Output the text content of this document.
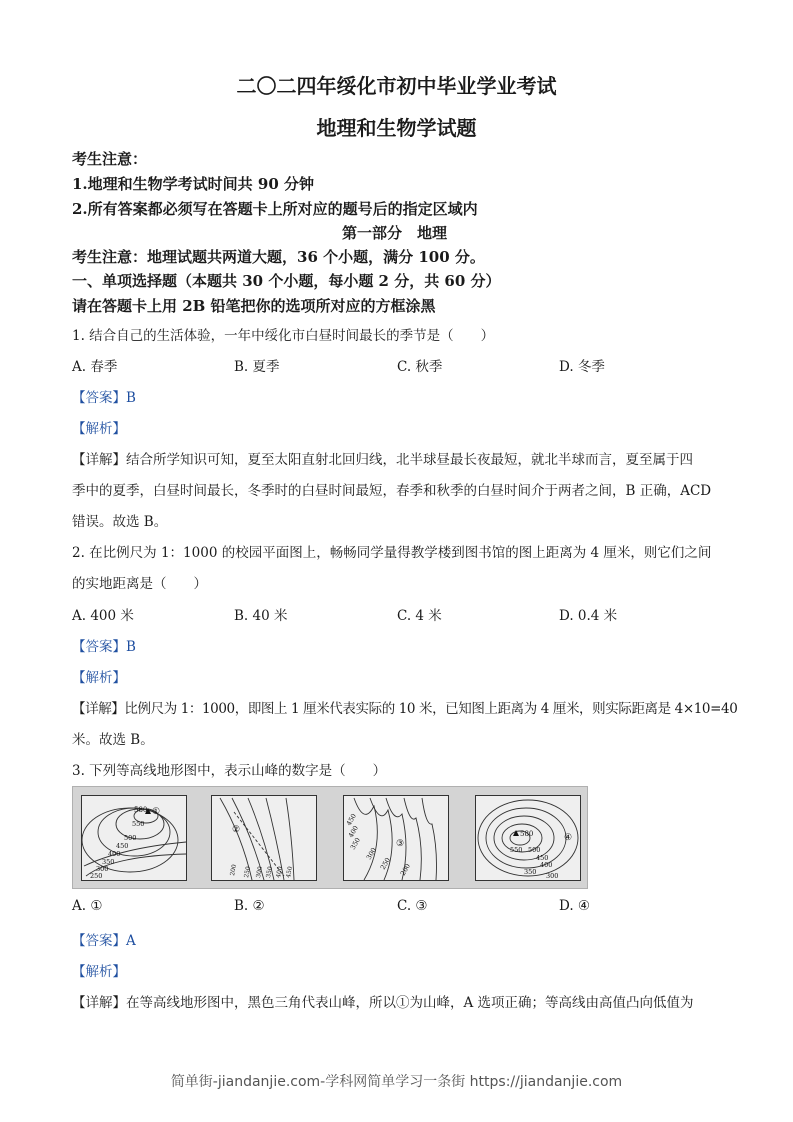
二〇二四年绥化市初中毕业学业考试
地理和生物学试题
考生注意：
1.地理和生物学考试时间共 90 分钟
2.所有答案都必须写在答题卡上所对应的题号后的指定区域内
第一部分　地理
考生注意：地理试题共两道大题，36 个小题，满分 100 分。
一、单项选择题（本题共 30 个小题，每小题 2 分，共 60 分）
请在答题卡上用 2B 铅笔把你的选项所对应的方框涂黑
1. 结合自己的生活体验，一年中绥化市白昼时间最长的季节是（　　）
A. 春季	B. 夏季	C. 秋季	D. 冬季
【答案】B
【解析】
【详解】结合所学知识可知，夏至太阳直射北回归线，北半球昼最长夜最短，就北半球而言，夏至属于四
季中的夏季，白昼时间最长，冬季时的白昼时间最短，春季和秋季的白昼时间介于两者之间，B 正确，ACD
错误。故选 B。
2. 在比例尺为 1：1000 的校园平面图上，畅畅同学量得教学楼到图书馆的图上距离为 4 厘米，则它们之间
的实地距离是（　　）
A. 400 米	B. 40 米	C. 4 米	D. 0.4 米
【答案】B
【解析】
【详解】比例尺为 1：1000，即图上 1 厘米代表实际的 10 米，已知图上距离为 4 厘米，则实际距离是 4×10=40
米。故选 B。
3. 下列等高线地形图中，表示山峰的数字是（　　）
580 ①
550
500
450
400
350
300
250
②
200 250 300 350 400 450
③
450
400
350
300
250 200
580
550 500
450
400
350 300
④
A. ①	B. ②	C. ③	D. ④
【答案】A
【解析】
【详解】在等高线地形图中，黑色三角代表山峰，所以①为山峰，A 选项正确；等高线由高值凸向低值为
简单街-jiandanjie.com-学科网简单学习一条街 https://jiandanjie.com
